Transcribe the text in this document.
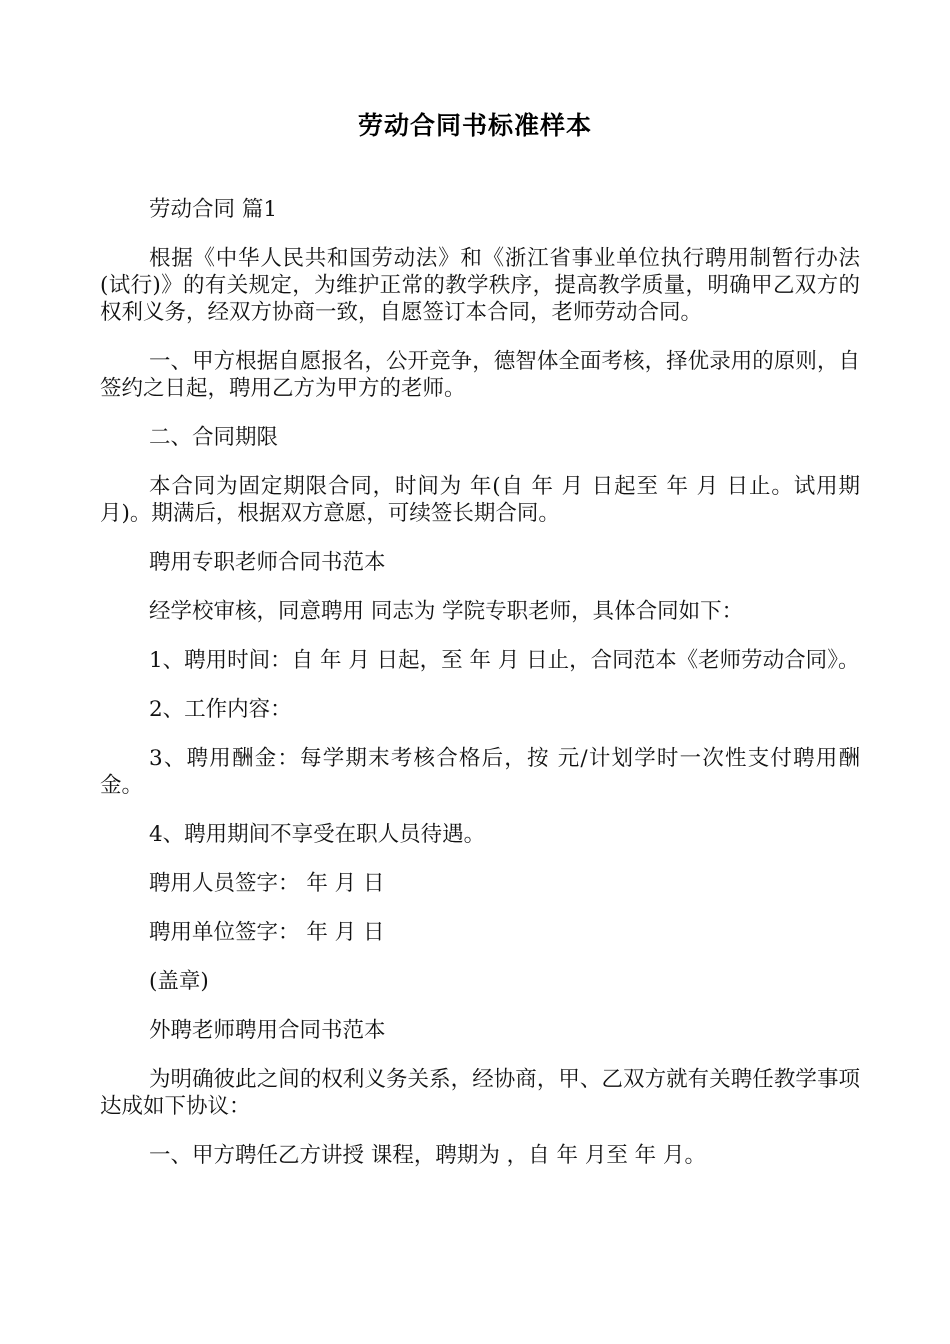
劳动合同书标准样本

劳动合同 篇1

根据《中华人民共和国劳动法》和《浙江省事业单位执行聘用制暂行办法(试行)》的有关规定，为维护正常的教学秩序，提高教学质量，明确甲乙双方的权利义务，经双方协商一致，自愿签订本合同，老师劳动合同。

一、甲方根据自愿报名，公开竞争，德智体全面考核，择优录用的原则，自签约之日起，聘用乙方为甲方的老师。

二、合同期限

本合同为固定期限合同，时间为 年(自 年 月 日起至 年 月 日止。试用期 月)。期满后，根据双方意愿，可续签长期合同。

聘用专职老师合同书范本

经学校审核，同意聘用 同志为 学院专职老师，具体合同如下：

1、聘用时间：自 年 月 日起，至 年 月 日止，合同范本《老师劳动合同》。

2、工作内容：

3、聘用酬金：每学期末考核合格后，按 元/计划学时一次性支付聘用酬金。

4、聘用期间不享受在职人员待遇。

聘用人员签字： 年 月 日

聘用单位签字： 年 月 日

(盖章)

外聘老师聘用合同书范本

为明确彼此之间的权利义务关系，经协商，甲、乙双方就有关聘任教学事项达成如下协议：

一、甲方聘任乙方讲授 课程，聘期为 ，自 年 月至 年 月。
